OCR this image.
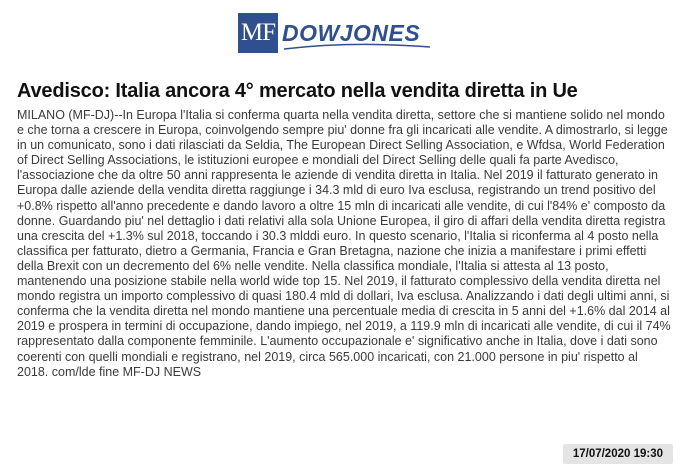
MF DOWJONES
Avedisco: Italia ancora 4° mercato nella vendita diretta in Ue

MILANO (MF-DJ)--In Europa l'Italia si conferma quarta nella vendita diretta, settore che si mantiene solido nel mondo e che torna a crescere in Europa, coinvolgendo sempre piu' donne fra gli incaricati alle vendite. A dimostrarlo, si legge in un comunicato, sono i dati rilasciati da Seldia, The European Direct Selling Association, e Wfdsa, World Federation of Direct Selling Associations, le istituzioni europee e mondiali del Direct Selling delle quali fa parte Avedisco, l'associazione che da oltre 50 anni rappresenta le aziende di vendita diretta in Italia. Nel 2019 il fatturato generato in Europa dalle aziende della vendita diretta raggiunge i 34.3 mld di euro Iva esclusa, registrando un trend positivo del +0.8% rispetto all'anno precedente e dando lavoro a oltre 15 mln di incaricati alle vendite, di cui l'84% e' composto da donne. Guardando piu' nel dettaglio i dati relativi alla sola Unione Europea, il giro di affari della vendita diretta registra una crescita del +1.3% sul 2018, toccando i 30.3 mlddi euro. In questo scenario, l'Italia si riconferma al 4 posto nella classifica per fatturato, dietro a Germania, Francia e Gran Bretagna, nazione che inizia a manifestare i primi effetti della Brexit con un decremento del 6% nelle vendite. Nella classifica mondiale, l'Italia si attesta al 13 posto, mantenendo una posizione stabile nella world wide top 15. Nel 2019, il fatturato complessivo della vendita diretta nel mondo registra un importo complessivo di quasi 180.4 mld di dollari, Iva esclusa. Analizzando i dati degli ultimi anni, si conferma che la vendita diretta nel mondo mantiene una percentuale media di crescita in 5 anni del +1.6% dal 2014 al 2019 e prospera in termini di occupazione, dando impiego, nel 2019, a 119.9 mln di incaricati alle vendite, di cui il 74% rappresentato dalla componente femminile. L'aumento occupazionale e' significativo anche in Italia, dove i dati sono coerenti con quelli mondiali e registrano, nel 2019, circa 565.000 incaricati, con 21.000 persone in piu' rispetto al 2018. com/lde fine MF-DJ NEWS

17/07/2020 19:30
